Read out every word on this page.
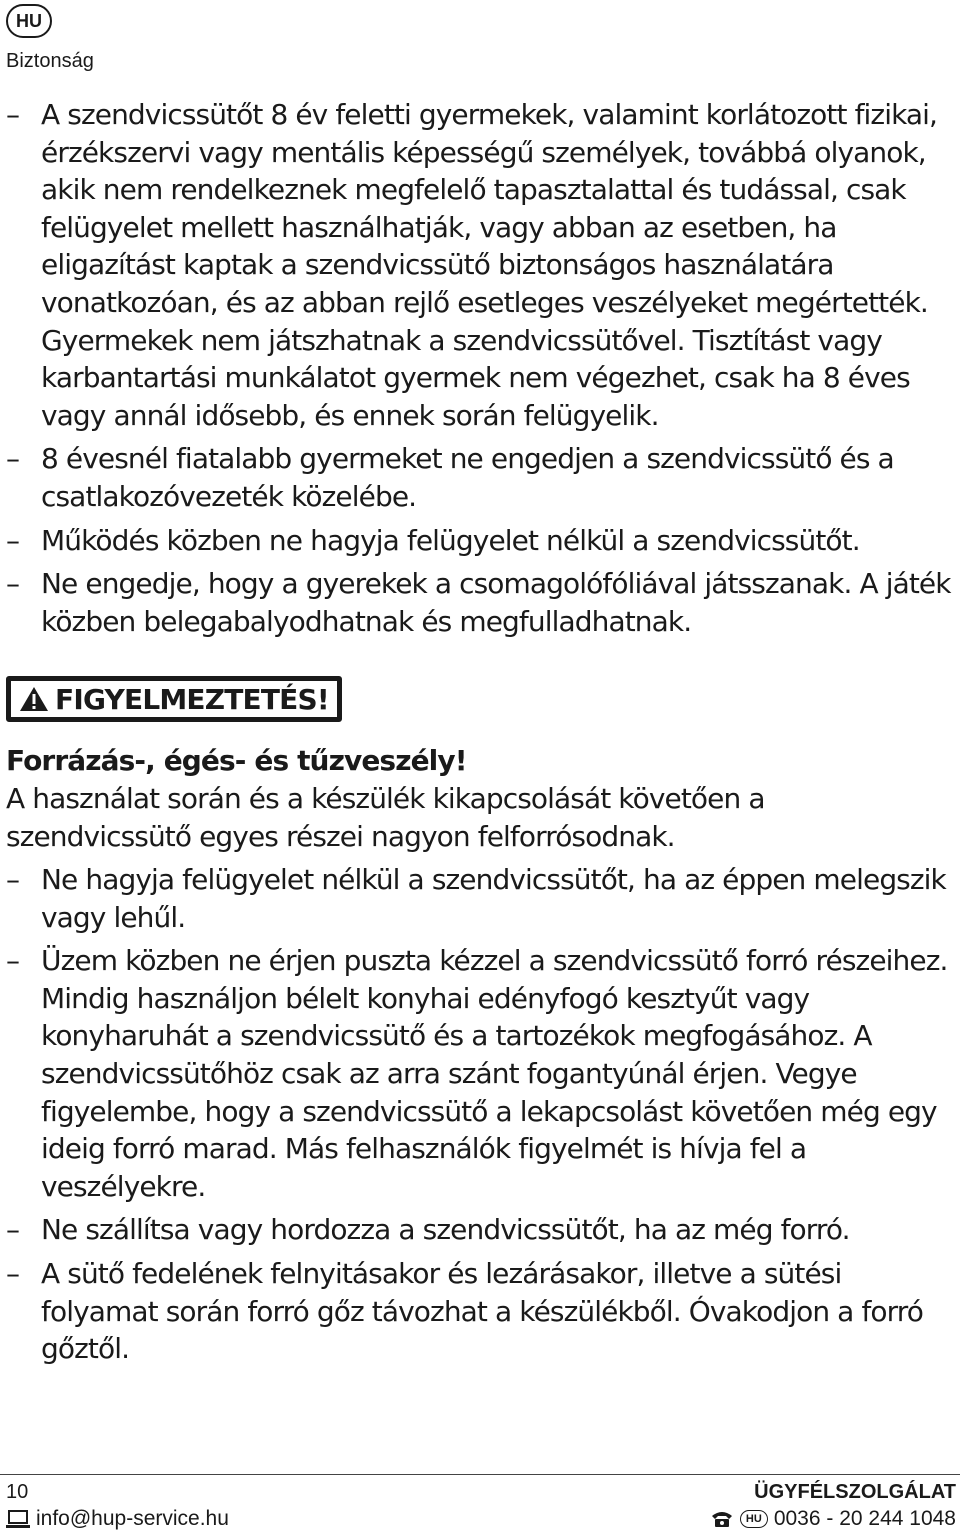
HU
Biztonság
– A szendvicssütőt 8 év feletti gyermekek, valamint korlátozott fizikai, érzékszervi vagy mentális képességű személyek, továbbá olyanok, akik nem rendelkeznek megfelelő tapasztalattal és tudással, csak felügyelet mellett használhatják, vagy abban az esetben, ha eligazítást kaptak a szendvicssütő biztonságos használatára vonatkozóan, és az abban rejlő esetleges veszélyeket megértették. Gyermekek nem játszhatnak a szendvicssütővel. Tisztítást vagy karbantartási munkálatot gyermek nem végezhet, csak ha 8 éves vagy annál idősebb, és ennek során felügyelik.
– 8 évesnél fiatalabb gyermeket ne engedjen a szendvicssütő és a csatlakozóvezeték közelébe.
– Működés közben ne hagyja felügyelet nélkül a szendvicssütőt.
– Ne engedje, hogy a gyerekek a csomagolófóliával játsszanak. A játék közben belegabalyodhatnak és megfulladhatnak.
FIGYELMEZTETÉS!
Forrázás-, égés- és tűzveszély!
A használat során és a készülék kikapcsolását követően a szendvicssütő egyes részei nagyon felforrósodnak.
– Ne hagyja felügyelet nélkül a szendvicssütőt, ha az éppen melegszik vagy lehűl.
– Üzem közben ne érjen puszta kézzel a szendvicssütő forró részeihez. Mindig használjon bélelt konyhai edényfogó kesztyűt vagy konyharuhát a szendvicssütő és a tartozékok megfogásához. A szendvicssütőhöz csak az arra szánt fogantyúnál érjen. Vegye figyelembe, hogy a szendvicssütő a lekapcsolást követően még egy ideig forró marad. Más felhasználók figyelmét is hívja fel a veszélyekre.
– Ne szállítsa vagy hordozza a szendvicssütőt, ha az még forró.
– A sütő fedelének felnyitásakor és lezárásakor, illetve a sütési folyamat során forró gőz távozhat a készülékből. Óvakodjon a forró gőztől.
10
info@hup-service.hu
ÜGYFÉLSZOLGÁLAT
HU 0036 - 20 244 1048
